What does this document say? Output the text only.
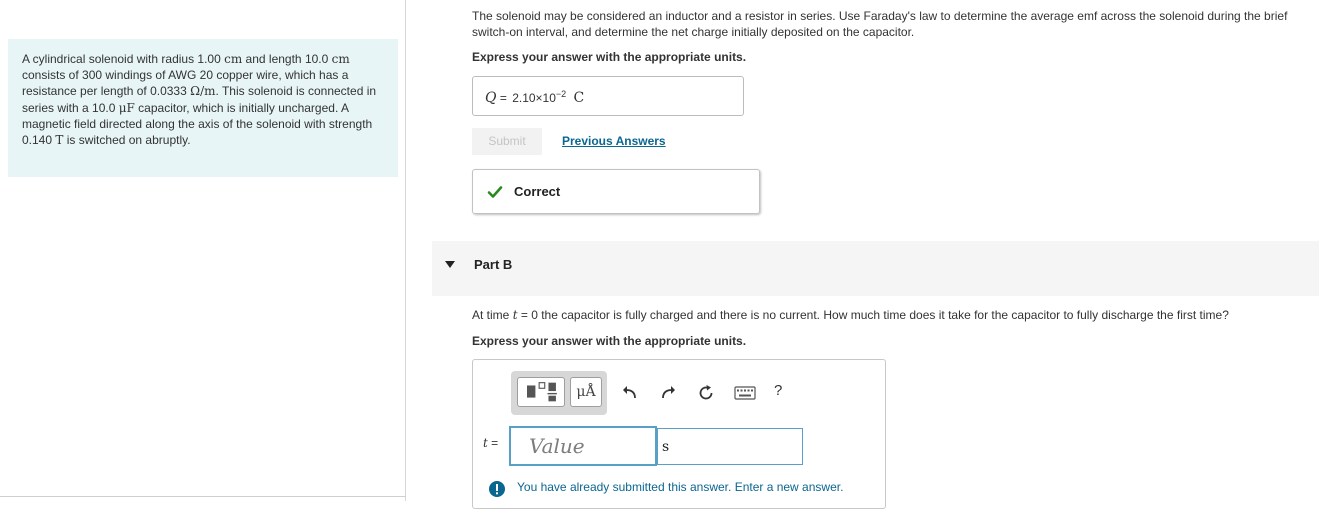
A cylindrical solenoid with radius 1.00 cm and length 10.0 cm consists of 300 windings of AWG 20 copper wire, which has a resistance per length of 0.0333 Ω/m. This solenoid is connected in series with a 10.0 μF capacitor, which is initially uncharged. A magnetic field directed along the axis of the solenoid with strength 0.140 T is switched on abruptly.

The solenoid may be considered an inductor and a resistor in series. Use Faraday's law to determine the average emf across the solenoid during the brief switch-on interval, and determine the net charge initially deposited on the capacitor.
Express your answer with the appropriate units.
$Q = 2.10\times 10^{-2}$ C
Submit	Previous Answers
Correct
Part B
At time t = 0 the capacitor is fully charged and there is no current. How much time does it take for the capacitor to fully discharge the first time?
Express your answer with the appropriate units.
μÅ	?
t =
Value
s
You have already submitted this answer. Enter a new answer.
